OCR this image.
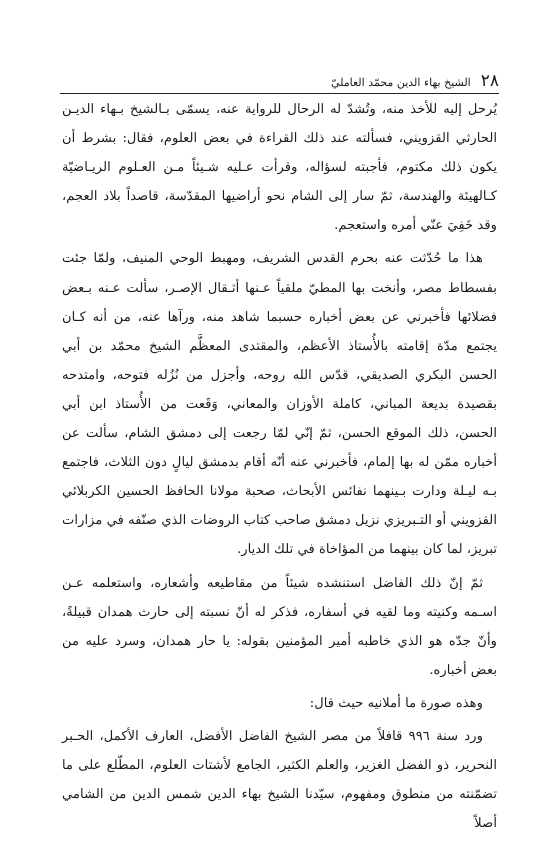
٢٨
الشيخ بهاء الدين محمّد العامليّ

يُرحل إليه للأخذ منه، وتُشدّ له الرحال للرواية عنه، يسمّى بـالشيخ بـهاء الديـن الحارثي القزويني، فسألته عند ذلك القراءة في بعض العلوم، فقال: بشرط أن يكون ذلك مكتوم، فأجبته لسؤاله، وقرأت عـليه شـيئاً مـن العـلوم الريـاضيّة كـالهيئة والهندسة، ثمّ سار إلى الشام نحو أراضيها المقدّسة، قاصداً بلاد العجم، وقد خَفِيَ عنّي أمره واستعجم.

هذا ما حُدّثت عنه بحرم القدس الشريف، ومهبط الوحي المنيف، ولمّا جئت بفسطاط مصر، وأنخت بها المطيّ ملقياً عـنها أثـقال الإصـر، سألت عـنه بـعض فضلائها فأخبرني عن بعض أخباره حسبما شاهد منه، ورآها عنه، من أنه كـان يجتمع مدّة إقامته بالأُستاذ الأعظم، والمقتدى المعظَّم الشيخ محمّد بن أبي الحسن البكري الصديقي، قدّس الله روحه، وأجزل من نُزُله فتوحه، وامتدحه بقصيدة بديعة المباني، كاملة الأوزان والمعاني، وَقَعت من الأُستاذ ابن أبي الحسن، ذلك الموقع الحسن، ثمّ إنّي لمّا رجعت إلى دمشق الشام، سألت عن أخباره ممّن له بها إلمام، فأخبرني عنه أنّه أقام بدمشق ليالٍ دون الثلاث، فاجتمع بـه ليـلة ودارت بـينهما نفائس الأبحاث، صحبة مولانا الحافظ الحسين الكربلائي القزويني أو التـبريزي نزيل دمشق صاحب كتاب الروضات الذي صنّفه في مزارات تبريز، لما كان بينهما من المؤاخاة في تلك الديار.

ثمّ إنّ ذلك الفاضل استنشده شيئاً من مقاطيعه وأشعاره، واستعلمه عـن اسـمه وكنيته وما لقيه في أسفاره، فذكر له أنّ نسبته إلى حارث همدان قبيلةً، وأنّ جدّه هو الذي خاطبه أمير المؤمنين بقوله: يا حار همدان، وسرد عليه من بعض أخباره.

وهذه صورة ما أملانيه حيث قال:

ورد سنة ٩٩٦ قافلاً من مصر الشيخ الفاضل الأفضل، العارف الأكمل، الحـبر النحرير، ذو الفضل الغزير، والعلم الكثير، الجامع لأشتات العلوم، المطّلع على ما تضمّنته من منطوق ومفهوم، سيّدنا الشيخ بهاء الدين شمس الدين من الشامي أصلاً
